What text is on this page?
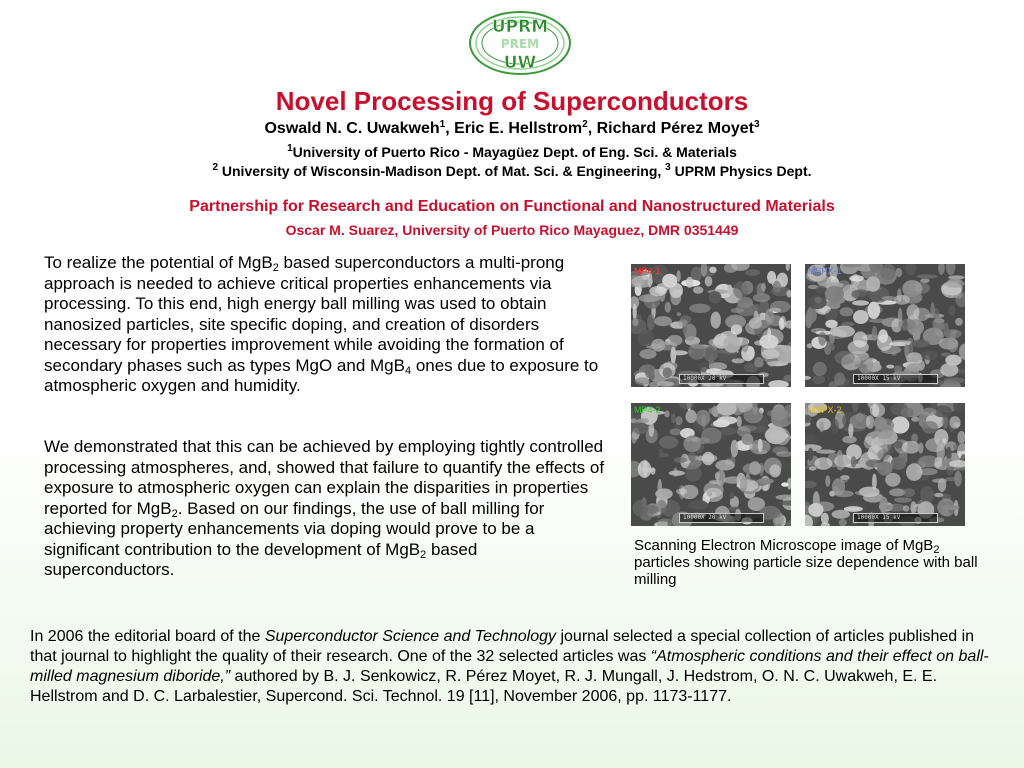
UPRM
PREM
UW
Novel Processing of Superconductors
Oswald N. C. Uwakweh$^1$, Eric E. Hellstrom$^2$, Richard Pérez Moyet$^3$
$^1$University of Puerto Rico - Mayagüez Dept. of Eng. Sci. & Materials
$^2$ University of Wisconsin-Madison Dept. of Mat. Sci. & Engineering, $^3$ UPRM Physics Dept.
Partnership for Research and Education on Functional and Nanostructured Materials
Oscar M. Suarez, University of Puerto Rico Mayaguez, DMR 0351449
To realize the potential of MgB$_2$ based superconductors a multi-prong approach is needed to achieve critical properties enhancements via processing. To this end, high energy ball milling was used to obtain nanosized particles, site specific doping, and creation of disorders necessary for properties improvement while avoiding the formation of secondary phases such as types MgO and MgB$_4$ ones due to exposure to atmospheric oxygen and humidity.
We demonstrated that this can be achieved by employing tightly controlled processing atmospheres, and, showed that failure to quantify the effects of exposure to atmospheric oxygen can explain the disparities in properties reported for MgB$_2$. Based on our findings, the use of ball milling for achieving property enhancements via doping would prove to be a significant contribution to the development of MgB$_2$ based superconductors.
MP4-1
10000X 20 kV
MSPX-1
10000X 15 kV
MP4-2
10000X 20 kV
MSPX-2
10000X 15 kV
Scanning Electron Microscope image of MgB$_2$ particles showing particle size dependence with ball milling
In 2006 the editorial board of the Superconductor Science and Technology journal selected a special collection of articles published in that journal to highlight the quality of their research. One of the 32 selected articles was “Atmospheric conditions and their effect on ball-milled magnesium diboride,” authored by B. J. Senkowicz, R. Pérez Moyet, R. J. Mungall, J. Hedstrom, O. N. C. Uwakweh, E. E. Hellstrom and D. C. Larbalestier, Supercond. Sci. Technol. 19 [11], November 2006, pp. 1173-1177.
